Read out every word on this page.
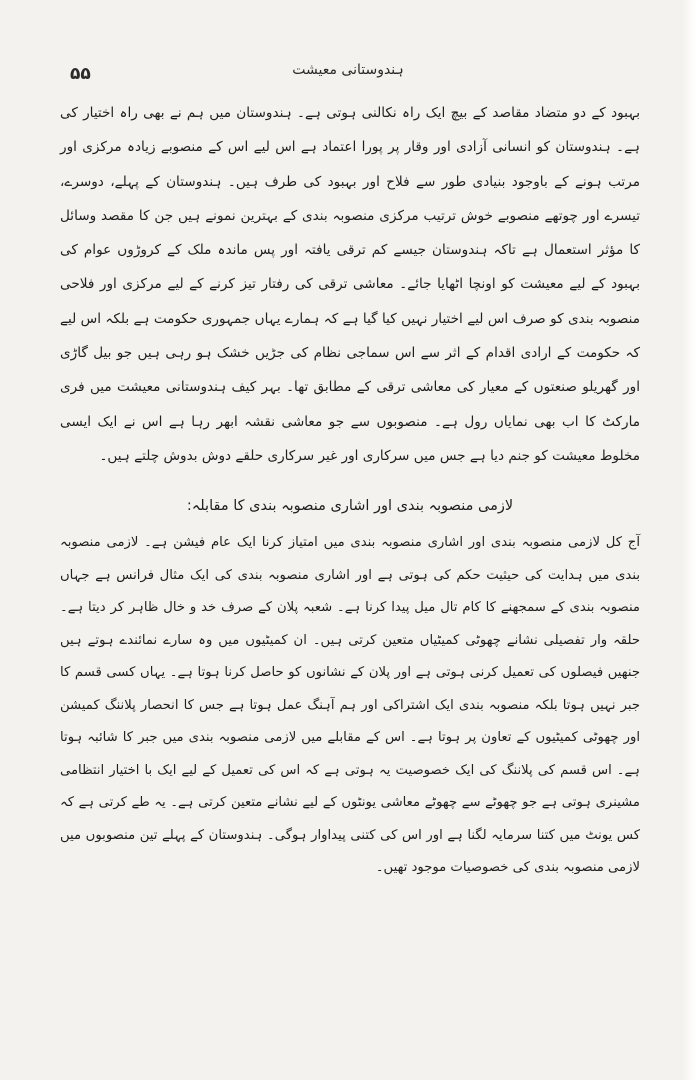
۵۵	ہندوستانی معیشت

بہبود کے دو متضاد مقاصد کے بیچ ایک راہ نکالنی ہوتی ہے۔ ہندوستان میں ہم نے بھی راہ اختیار کی ہے۔ ہندوستان کو انسانی آزادی اور وقار پر پورا اعتماد ہے اس لیے اس کے منصوبے زیادہ مرکزی اور مرتب ہونے کے باوجود بنیادی طور سے فلاح اور بہبود کی طرف ہیں۔ ہندوستان کے پہلے، دوسرے، تیسرے اور چوتھے منصوبے خوش ترتیب مرکزی منصوبہ بندی کے بہترین نمونے ہیں جن کا مقصد وسائل کا مؤثر استعمال ہے تاکہ ہندوستان جیسے کم ترقی یافتہ اور پس ماندہ ملک کے کروڑوں عوام کی بہبود کے لیے معیشت کو اونچا اٹھایا جائے۔ معاشی ترقی کی رفتار تیز کرنے کے لیے مرکزی اور فلاحی منصوبہ بندی کو صرف اس لیے اختیار نہیں کیا گیا ہے کہ ہمارے یہاں جمہوری حکومت ہے بلکہ اس لیے کہ حکومت کے ارادی اقدام کے اثر سے اس سماجی نظام کی جڑیں خشک ہو رہی ہیں جو بیل گاڑی اور گھریلو صنعتوں کے معیار کی معاشی ترقی کے مطابق تھا۔ بہر کیف ہندوستانی معیشت میں فری مارکٹ کا اب بھی نمایاں رول ہے۔ منصوبوں سے جو معاشی نقشہ ابھر رہا ہے اس نے ایک ایسی مخلوط معیشت کو جنم دیا ہے جس میں سرکاری اور غیر سرکاری حلقے دوش بدوش چلتے ہیں۔

لازمی منصوبہ بندی اور اشاری منصوبہ بندی کا مقابلہ:

آج کل لازمی منصوبہ بندی اور اشاری منصوبہ بندی میں امتیاز کرنا ایک عام فیشن ہے۔ لازمی منصوبہ بندی میں ہدایت کی حیثیت حکم کی ہوتی ہے اور اشاری منصوبہ بندی کی ایک مثال فرانس ہے جہاں منصوبہ بندی کے سمجھنے کا کام تال میل پیدا کرنا ہے۔ شعبہ پلان کے صرف خد و خال ظاہر کر دیتا ہے۔ حلقہ وار تفصیلی نشانے چھوٹی کمیٹیاں متعین کرتی ہیں۔ ان کمیٹیوں میں وہ سارے نمائندے ہوتے ہیں جنھیں فیصلوں کی تعمیل کرنی ہوتی ہے اور پلان کے نشانوں کو حاصل کرنا ہوتا ہے۔ یہاں کسی قسم کا جبر نہیں ہوتا بلکہ منصوبہ بندی ایک اشتراکی اور ہم آہنگ عمل ہوتا ہے جس کا انحصار پلاننگ کمیشن اور چھوٹی کمیٹیوں کے تعاون پر ہوتا ہے۔ اس کے مقابلے میں لازمی منصوبہ بندی میں جبر کا شائبہ ہوتا ہے۔ اس قسم کی پلاننگ کی ایک خصوصیت یہ ہوتی ہے کہ اس کی تعمیل کے لیے ایک با اختیار انتظامی مشینری ہوتی ہے جو چھوٹے سے چھوٹے معاشی یونٹوں کے لیے نشانے متعین کرتی ہے۔ یہ طے کرتی ہے کہ کس یونٹ میں کتنا سرمایہ لگنا ہے اور اس کی کتنی پیداوار ہوگی۔ ہندوستان کے پہلے تین منصوبوں میں لازمی منصوبہ بندی کی خصوصیات موجود تھیں۔
